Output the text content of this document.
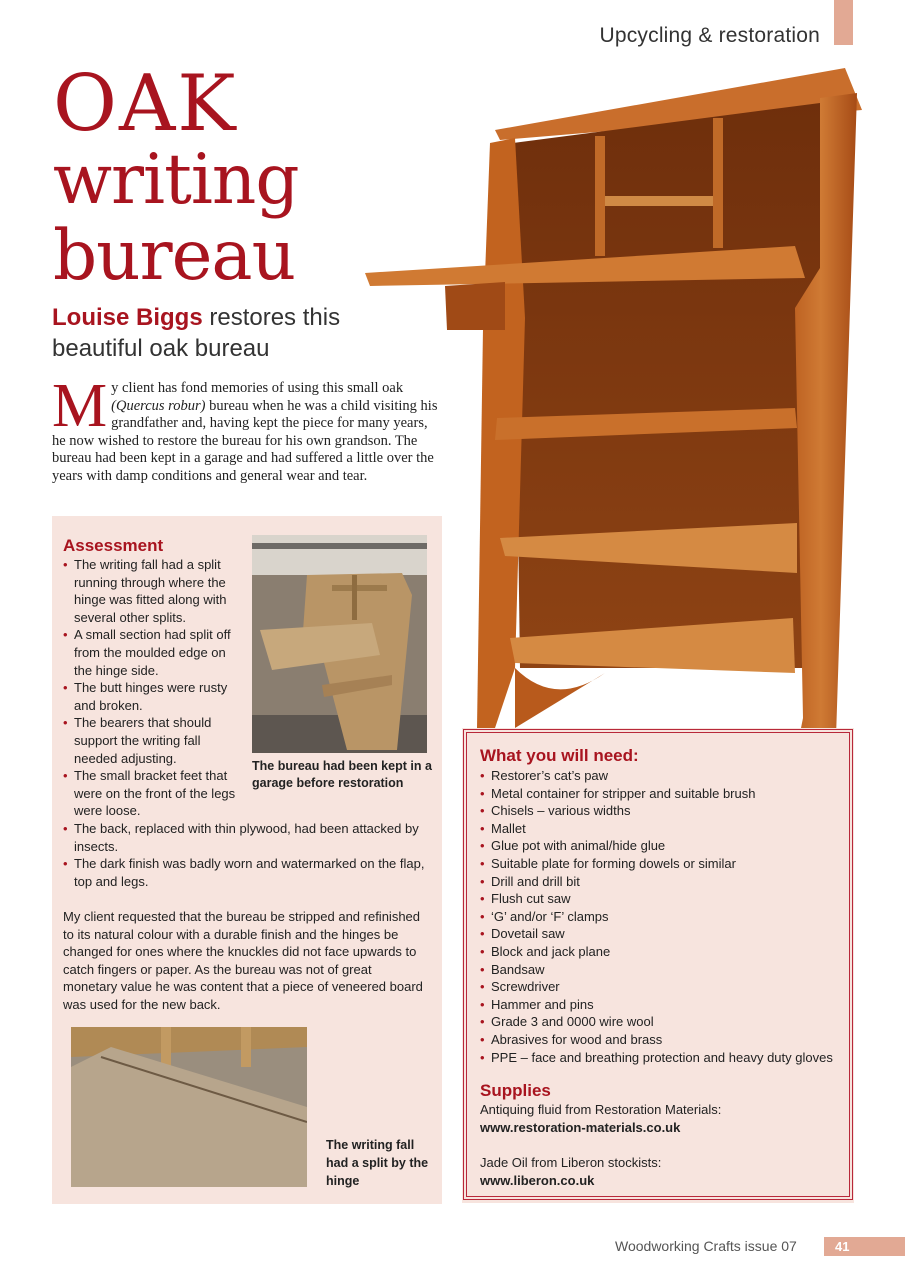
Upcycling & restoration
OAK
writing
bureau
Louise Biggs restores this beautiful oak bureau
My client has fond memories of using this small oak (Quercus robur) bureau when he was a child visiting his grandfather and, having kept the piece for many years, he now wished to restore the bureau for his own grandson. The bureau had been kept in a garage and had suffered a little over the years with damp conditions and general wear and tear.
Assessment
• The writing fall had a split running through where the hinge was fitted along with several other splits.
• A small section had split off from the moulded edge on the hinge side.
• The butt hinges were rusty and broken.
• The bearers that should support the writing fall needed adjusting.
• The small bracket feet that were on the front of the legs were loose.
• The back, replaced with thin plywood, had been attacked by insects.
• The dark finish was badly worn and watermarked on the flap, top and legs.
My client requested that the bureau be stripped and refinished to its natural colour with a durable finish and the hinges be changed for ones where the knuckles did not face upwards to catch fingers or paper. As the bureau was not of great monetary value he was content that a piece of veneered board was used for the new back.
The bureau had been kept in a garage before restoration
The writing fall had a split by the hinge
What you will need:
• Restorer’s cat’s paw
• Metal container for stripper and suitable brush
• Chisels – various widths
• Mallet
• Glue pot with animal/hide glue
• Suitable plate for forming dowels or similar
• Drill and drill bit
• Flush cut saw
• ‘G’ and/or ‘F’ clamps
• Dovetail saw
• Block and jack plane
• Bandsaw
• Screwdriver
• Hammer and pins
• Grade 3 and 0000 wire wool
• Abrasives for wood and brass
• PPE – face and breathing protection and heavy duty gloves
Supplies
Antiquing fluid from Restoration Materials:
www.restoration-materials.co.uk
Jade Oil from Liberon stockists:
www.liberon.co.uk
Woodworking Crafts issue 07	41
